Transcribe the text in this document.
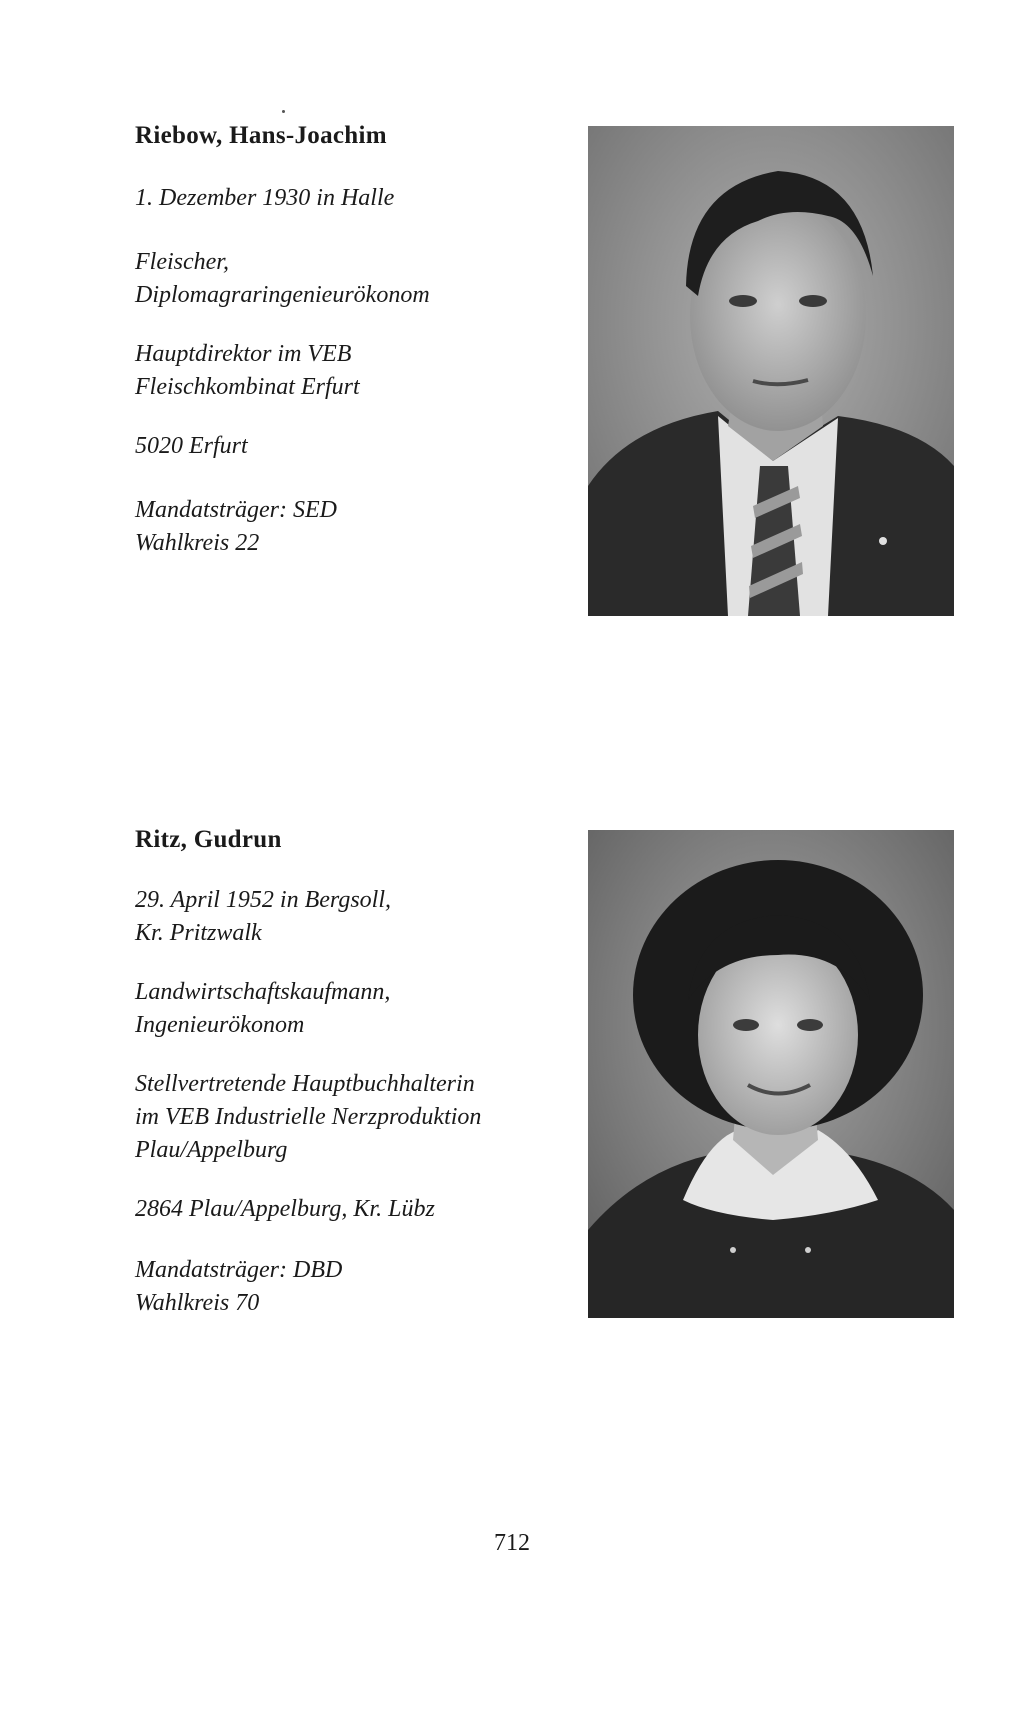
Riebow, Hans-Joachim
1. Dezember 1930 in Halle
Fleischer,
Diplomagraringenieurökonom
Hauptdirektor im VEB
Fleischkombinat Erfurt
5020 Erfurt
Mandatsträger: SED
Wahlkreis 22
Ritz, Gudrun
29. April 1952 in Bergsoll,
Kr. Pritzwalk
Landwirtschaftskaufmann,
Ingenieurökonom
Stellvertretende Hauptbuchhalterin
im VEB Industrielle Nerzproduktion
Plau/Appelburg
2864 Plau/Appelburg, Kr. Lübz
Mandatsträger: DBD
Wahlkreis 70

712
